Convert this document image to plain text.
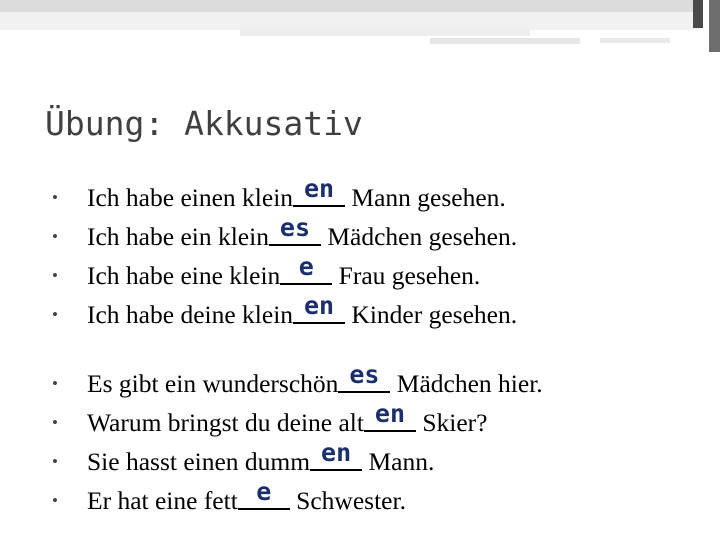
Übung: Akkusativ
•	Ich habe einen klein en Mann gesehen.
•	Ich habe ein klein es Mädchen gesehen.
•	Ich habe eine klein e Frau gesehen.
•	Ich habe deine klein en Kinder gesehen.
•	Es gibt ein wunderschön es Mädchen hier.
•	Warum bringst du deine alt en Skier?
•	Sie hasst einen dumm en Mann.
•	Er hat eine fett e Schwester.
